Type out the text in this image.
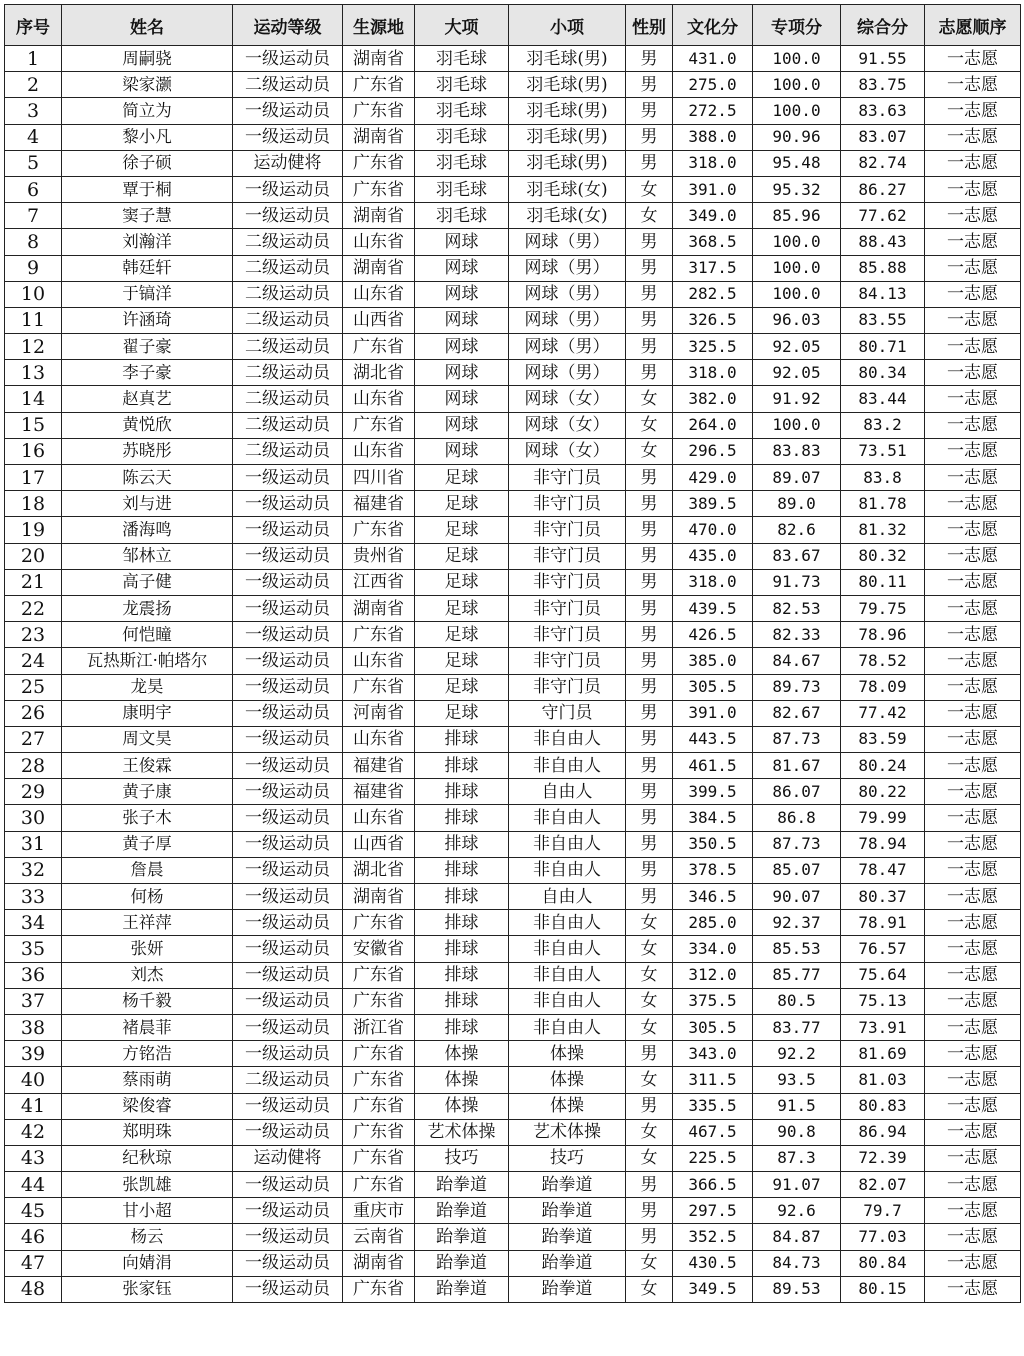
序号	姓名	运动等级	生源地	大项	小项	性别	文化分	专项分	综合分	志愿顺序
1	周嗣骁	一级运动员	湖南省	羽毛球	羽毛球(男)	男	431.0	100.0	91.55	一志愿
2	梁家灏	二级运动员	广东省	羽毛球	羽毛球(男)	男	275.0	100.0	83.75	一志愿
3	简立为	一级运动员	广东省	羽毛球	羽毛球(男)	男	272.5	100.0	83.63	一志愿
4	黎小凡	一级运动员	湖南省	羽毛球	羽毛球(男)	男	388.0	90.96	83.07	一志愿
5	徐子硕	运动健将	广东省	羽毛球	羽毛球(男)	男	318.0	95.48	82.74	一志愿
6	覃于桐	一级运动员	广东省	羽毛球	羽毛球(女)	女	391.0	95.32	86.27	一志愿
7	窦子慧	一级运动员	湖南省	羽毛球	羽毛球(女)	女	349.0	85.96	77.62	一志愿
8	刘瀚洋	二级运动员	山东省	网球	网球（男）	男	368.5	100.0	88.43	一志愿
9	韩廷轩	二级运动员	湖南省	网球	网球（男）	男	317.5	100.0	85.88	一志愿
10	于镐洋	二级运动员	山东省	网球	网球（男）	男	282.5	100.0	84.13	一志愿
11	许涵琦	二级运动员	山西省	网球	网球（男）	男	326.5	96.03	83.55	一志愿
12	翟子豪	二级运动员	广东省	网球	网球（男）	男	325.5	92.05	80.71	一志愿
13	李子豪	二级运动员	湖北省	网球	网球（男）	男	318.0	92.05	80.34	一志愿
14	赵真艺	二级运动员	山东省	网球	网球（女）	女	382.0	91.92	83.44	一志愿
15	黄悦欣	二级运动员	广东省	网球	网球（女）	女	264.0	100.0	83.2	一志愿
16	苏晓彤	二级运动员	山东省	网球	网球（女）	女	296.5	83.83	73.51	一志愿
17	陈云天	一级运动员	四川省	足球	非守门员	男	429.0	89.07	83.8	一志愿
18	刘与进	一级运动员	福建省	足球	非守门员	男	389.5	89.0	81.78	一志愿
19	潘海鸣	一级运动员	广东省	足球	非守门员	男	470.0	82.6	81.32	一志愿
20	邹林立	一级运动员	贵州省	足球	非守门员	男	435.0	83.67	80.32	一志愿
21	高子健	一级运动员	江西省	足球	非守门员	男	318.0	91.73	80.11	一志愿
22	龙震扬	一级运动员	湖南省	足球	非守门员	男	439.5	82.53	79.75	一志愿
23	何恺瞳	一级运动员	广东省	足球	非守门员	男	426.5	82.33	78.96	一志愿
24	瓦热斯江·帕塔尔	一级运动员	山东省	足球	非守门员	男	385.0	84.67	78.52	一志愿
25	龙昊	一级运动员	广东省	足球	非守门员	男	305.5	89.73	78.09	一志愿
26	康明宇	一级运动员	河南省	足球	守门员	男	391.0	82.67	77.42	一志愿
27	周文昊	一级运动员	山东省	排球	非自由人	男	443.5	87.73	83.59	一志愿
28	王俊霖	一级运动员	福建省	排球	非自由人	男	461.5	81.67	80.24	一志愿
29	黄子康	一级运动员	福建省	排球	自由人	男	399.5	86.07	80.22	一志愿
30	张子木	一级运动员	山东省	排球	非自由人	男	384.5	86.8	79.99	一志愿
31	黄子厚	一级运动员	山西省	排球	非自由人	男	350.5	87.73	78.94	一志愿
32	詹晨	一级运动员	湖北省	排球	非自由人	男	378.5	85.07	78.47	一志愿
33	何杨	一级运动员	湖南省	排球	自由人	男	346.5	90.07	80.37	一志愿
34	王祥萍	一级运动员	广东省	排球	非自由人	女	285.0	92.37	78.91	一志愿
35	张妍	一级运动员	安徽省	排球	非自由人	女	334.0	85.53	76.57	一志愿
36	刘杰	一级运动员	广东省	排球	非自由人	女	312.0	85.77	75.64	一志愿
37	杨千毅	一级运动员	广东省	排球	非自由人	女	375.5	80.5	75.13	一志愿
38	褚晨菲	一级运动员	浙江省	排球	非自由人	女	305.5	83.77	73.91	一志愿
39	方铭浩	一级运动员	广东省	体操	体操	男	343.0	92.2	81.69	一志愿
40	蔡雨萌	二级运动员	广东省	体操	体操	女	311.5	93.5	81.03	一志愿
41	梁俊睿	一级运动员	广东省	体操	体操	男	335.5	91.5	80.83	一志愿
42	郑明珠	一级运动员	广东省	艺术体操	艺术体操	女	467.5	90.8	86.94	一志愿
43	纪秋琼	运动健将	广东省	技巧	技巧	女	225.5	87.3	72.39	一志愿
44	张凯雄	一级运动员	广东省	跆拳道	跆拳道	男	366.5	91.07	82.07	一志愿
45	甘小超	一级运动员	重庆市	跆拳道	跆拳道	男	297.5	92.6	79.7	一志愿
46	杨云	一级运动员	云南省	跆拳道	跆拳道	男	352.5	84.87	77.03	一志愿
47	向婧涓	一级运动员	湖南省	跆拳道	跆拳道	女	430.5	84.73	80.84	一志愿
48	张家钰	一级运动员	广东省	跆拳道	跆拳道	女	349.5	89.53	80.15	一志愿
